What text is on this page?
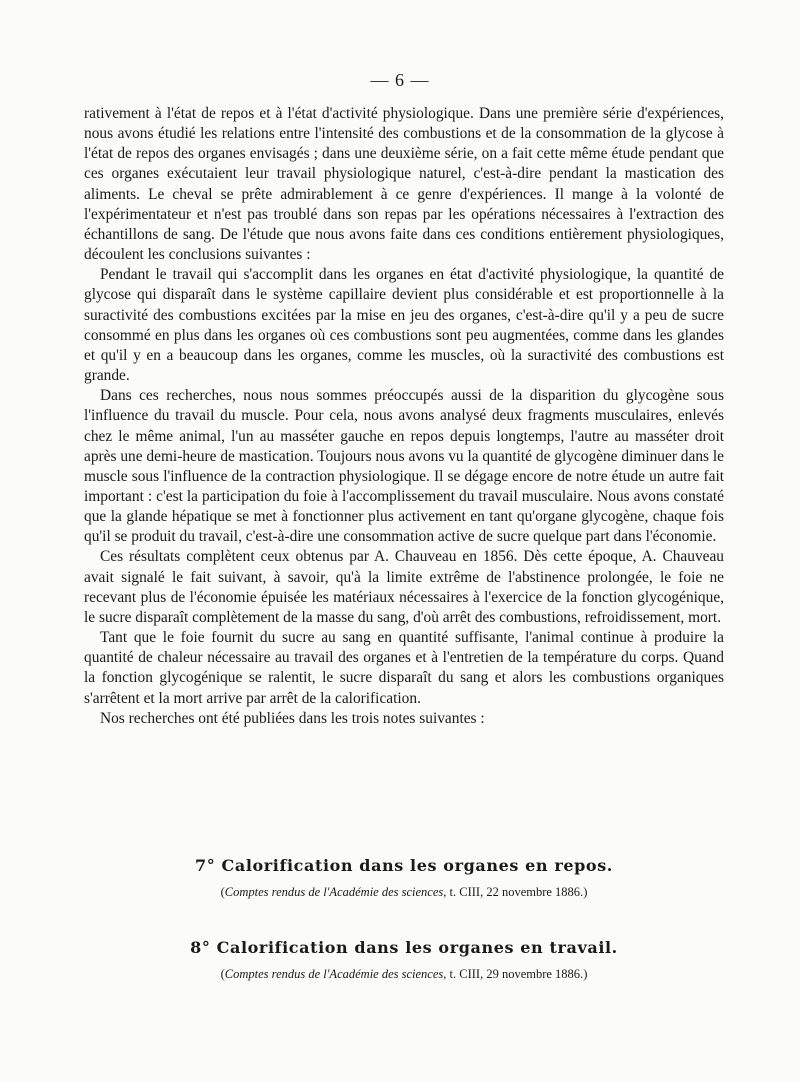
— 6 —

rativement à l'état de repos et à l'état d'activité physiologique. Dans une première série d'expériences, nous avons étudié les relations entre l'intensité des combustions et de la consommation de la glycose à l'état de repos des organes envisagés ; dans une deuxième série, on a fait cette même étude pendant que ces organes exécutaient leur travail physiologique naturel, c'est-à-dire pendant la mastication des aliments. Le cheval se prête admirablement à ce genre d'expériences. Il mange à la volonté de l'expérimentateur et n'est pas troublé dans son repas par les opérations nécessaires à l'extraction des échantillons de sang. De l'étude que nous avons faite dans ces conditions entièrement physiologiques, découlent les conclusions suivantes :

Pendant le travail qui s'accomplit dans les organes en état d'activité physiologique, la quantité de glycose qui disparaît dans le système capillaire devient plus considérable et est proportionnelle à la suractivité des combustions excitées par la mise en jeu des organes, c'est-à-dire qu'il y a peu de sucre consommé en plus dans les organes où ces combustions sont peu augmentées, comme dans les glandes et qu'il y en a beaucoup dans les organes, comme les muscles, où la suractivité des combustions est grande.

Dans ces recherches, nous nous sommes préoccupés aussi de la disparition du glycogène sous l'influence du travail du muscle. Pour cela, nous avons analysé deux fragments musculaires, enlevés chez le même animal, l'un au masséter gauche en repos depuis longtemps, l'autre au masséter droit après une demi-heure de mastication. Toujours nous avons vu la quantité de glycogène diminuer dans le muscle sous l'influence de la contraction physiologique. Il se dégage encore de notre étude un autre fait important : c'est la participation du foie à l'accomplissement du travail musculaire. Nous avons constaté que la glande hépatique se met à fonctionner plus activement en tant qu'organe glycogène, chaque fois qu'il se produit du travail, c'est-à-dire une consommation active de sucre quelque part dans l'économie.

Ces résultats complètent ceux obtenus par A. Chauveau en 1856. Dès cette époque, A. Chauveau avait signalé le fait suivant, à savoir, qu'à la limite extrême de l'abstinence prolongée, le foie ne recevant plus de l'économie épuisée les matériaux nécessaires à l'exercice de la fonction glycogénique, le sucre disparaît complètement de la masse du sang, d'où arrêt des combustions, refroidissement, mort.

Tant que le foie fournit du sucre au sang en quantité suffisante, l'animal continue à produire la quantité de chaleur nécessaire au travail des organes et à l'entretien de la température du corps. Quand la fonction glycogénique se ralentit, le sucre disparaît du sang et alors les combustions organiques s'arrêtent et la mort arrive par arrêt de la calorification.

Nos recherches ont été publiées dans les trois notes suivantes :

7° Calorification dans les organes en repos.
(Comptes rendus de l'Académie des sciences, t. CIII, 22 novembre 1886.)
8° Calorification dans les organes en travail.
(Comptes rendus de l'Académie des sciences, t. CIII, 29 novembre 1886.)
